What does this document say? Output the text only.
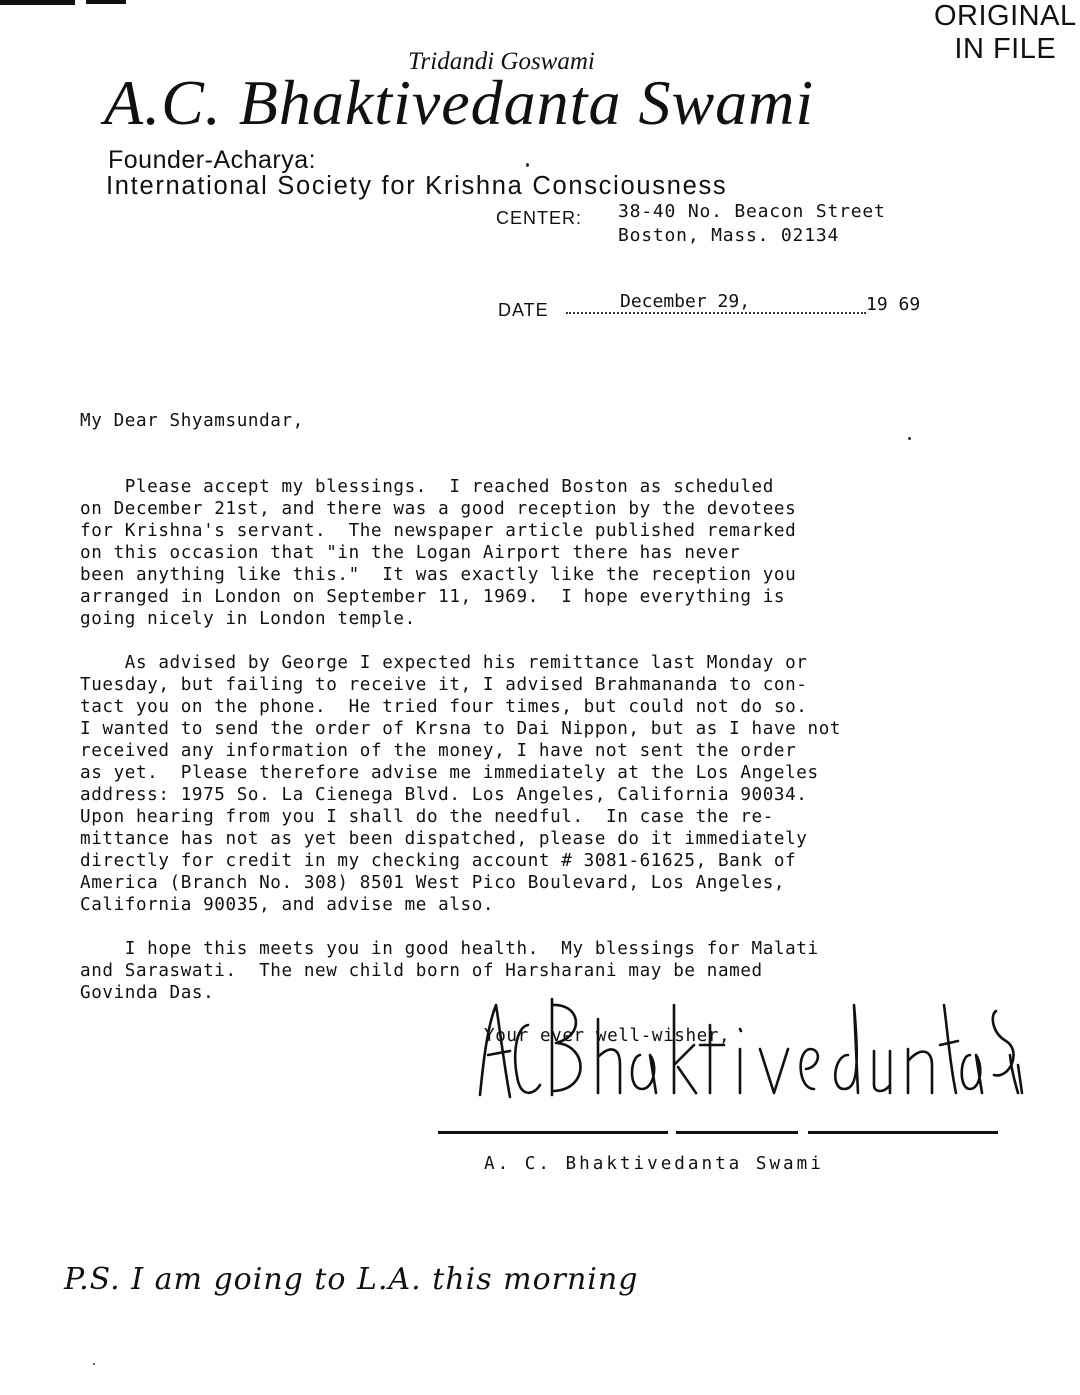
ORIGINAL
IN FILE
Tridandi Goswami
A.C. Bhaktivedanta Swami
Founder-Acharya:
International Society for Krishna Consciousness
CENTER: 38-40 No. Beacon Street
Boston, Mass. 02134
DATE	December 29,	19 69

My Dear Shyamsundar,

Please accept my blessings.  I reached Boston as scheduled

on December 21st, and there was a good reception by the devotees

for Krishna's servant.  The newspaper article published remarked

on this occasion that "in the Logan Airport there has never

been anything like this."  It was exactly like the reception you

arranged in London on September 11, 1969.  I hope everything is

going nicely in London temple.

As advised by George I expected his remittance last Monday or

Tuesday, but failing to receive it, I advised Brahmananda to con-

tact you on the phone.  He tried four times, but could not do so.

I wanted to send the order of Krsna to Dai Nippon, but as I have not

received any information of the money, I have not sent the order

as yet.  Please therefore advise me immediately at the Los Angeles

address: 1975 So. La Cienega Blvd. Los Angeles, California 90034.

Upon hearing from you I shall do the needful.  In case the re-

mittance has not as yet been dispatched, please do it immediately

directly for credit in my checking account # 3081-61625, Bank of

America (Branch No. 308) 8501 West Pico Boulevard, Los Angeles,

California 90035, and advise me also.

I hope this meets you in good health.  My blessings for Malati

and Saraswati.  The new child born of Harsharani may be named

Govinda Das.

Your ever well-wisher,
ACBhaktivedanta Swami
A. C. Bhaktivedanta Swami
P.S. I am going to L.A. this morning
